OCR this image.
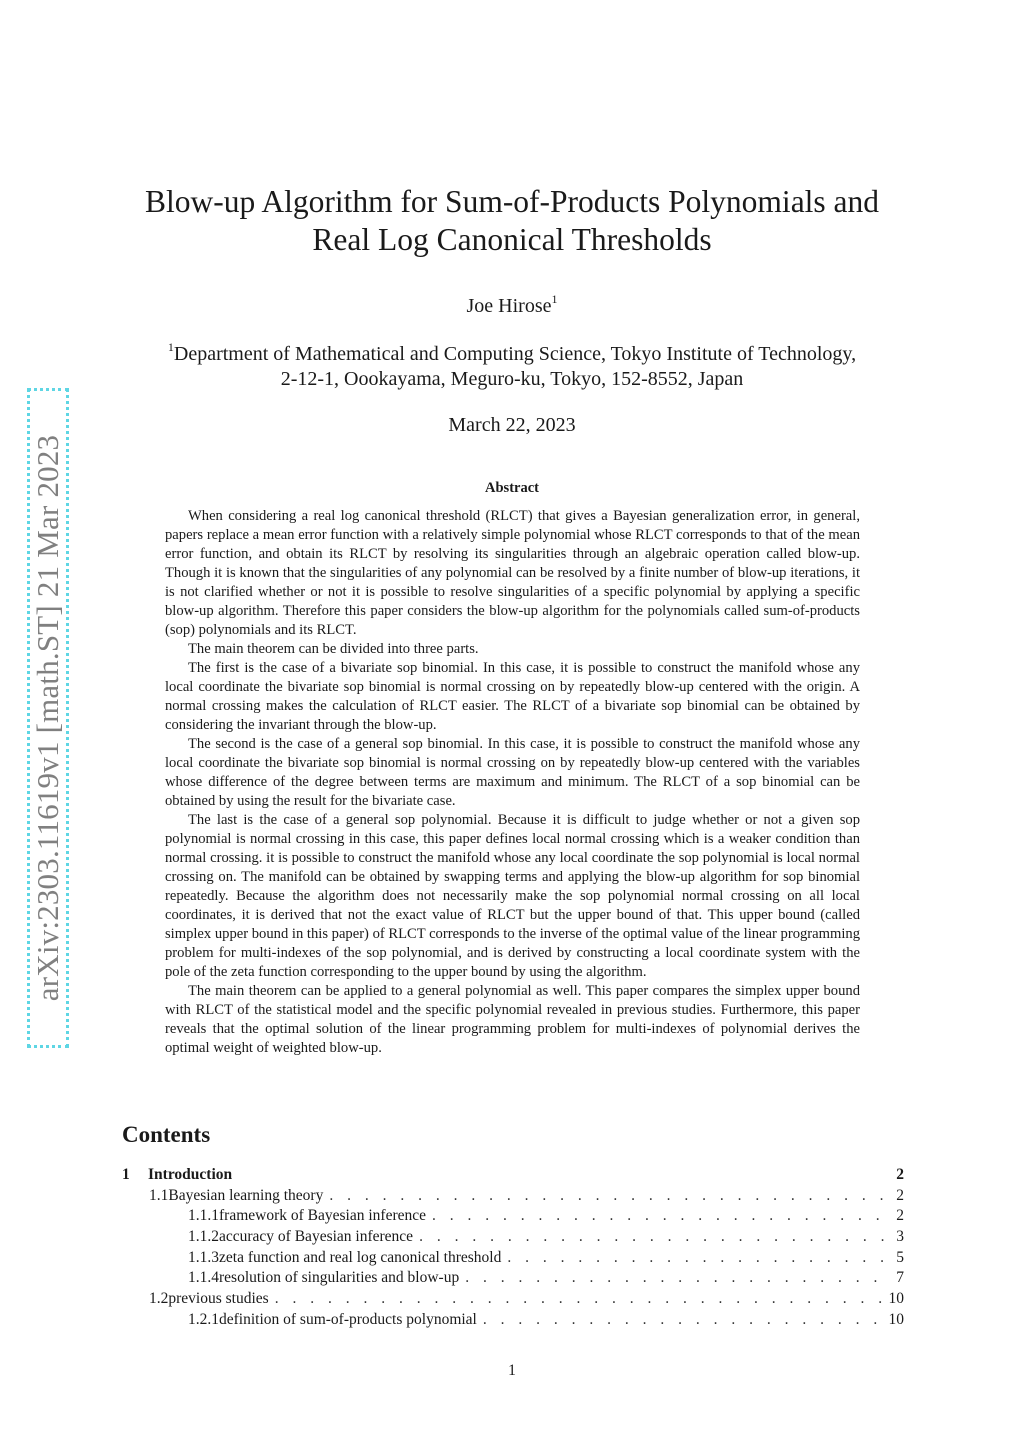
arXiv:2303.11619v1 [math.ST] 21 Mar 2023
Blow-up Algorithm for Sum-of-Products Polynomials and
Real Log Canonical Thresholds
Joe Hirose$^1$
$^1$Department of Mathematical and Computing Science, Tokyo Institute of Technology,
2-12-1, Oookayama, Meguro-ku, Tokyo, 152-8552, Japan
March 22, 2023
Abstract

When considering a real log canonical threshold (RLCT) that gives a Bayesian generalization error, in general, papers replace a mean error function with a relatively simple polynomial whose RLCT corresponds to that of the mean error function, and obtain its RLCT by resolving its singularities through an algebraic operation called blow-up. Though it is known that the singularities of any polynomial can be resolved by a finite number of blow-up iterations, it is not clarified whether or not it is possible to resolve singularities of a specific polynomial by applying a specific blow-up algorithm. Therefore this paper considers the blow-up algorithm for the polynomials called sum-of-products (sop) polynomials and its RLCT.

The main theorem can be divided into three parts.

The first is the case of a bivariate sop binomial. In this case, it is possible to construct the manifold whose any local coordinate the bivariate sop binomial is normal crossing on by repeatedly blow-up centered with the origin. A normal crossing makes the calculation of RLCT easier. The RLCT of a bivariate sop binomial can be obtained by considering the invariant through the blow-up.

The second is the case of a general sop binomial. In this case, it is possible to construct the manifold whose any local coordinate the bivariate sop binomial is normal crossing on by repeatedly blow-up centered with the variables whose difference of the degree between terms are maximum and minimum. The RLCT of a sop binomial can be obtained by using the result for the bivariate case.

The last is the case of a general sop polynomial. Because it is difficult to judge whether or not a given sop polynomial is normal crossing in this case, this paper defines local normal crossing which is a weaker condition than normal crossing. it is possible to construct the manifold whose any local coordinate the sop polynomial is local normal crossing on. The manifold can be obtained by swapping terms and applying the blow-up algorithm for sop binomial repeatedly. Because the algorithm does not necessarily make the sop polynomial normal crossing on all local coordinates, it is derived that not the exact value of RLCT but the upper bound of that. This upper bound (called simplex upper bound in this paper) of RLCT corresponds to the inverse of the optimal value of the linear programming problem for multi-indexes of the sop polynomial, and is derived by constructing a local coordinate system with the pole of the zeta function corresponding to the upper bound by using the algorithm.

The main theorem can be applied to a general polynomial as well. This paper compares the simplex upper bound with RLCT of the statistical model and the specific polynomial revealed in previous studies. Furthermore, this paper reveals that the optimal solution of the linear programming problem for multi-indexes of polynomial derives the optimal weight of weighted blow-up.

Contents
1	Introduction	2
1.1 Bayesian learning theory . . .	2
1.1.1 framework of Bayesian inference . . .	2
1.1.2 accuracy of Bayesian inference . . .	3
1.1.3 zeta function and real log canonical threshold . . .	5
1.1.4 resolution of singularities and blow-up . . .	7
1.2 previous studies . . .	10
1.2.1 definition of sum-of-products polynomial . . .	10
1
